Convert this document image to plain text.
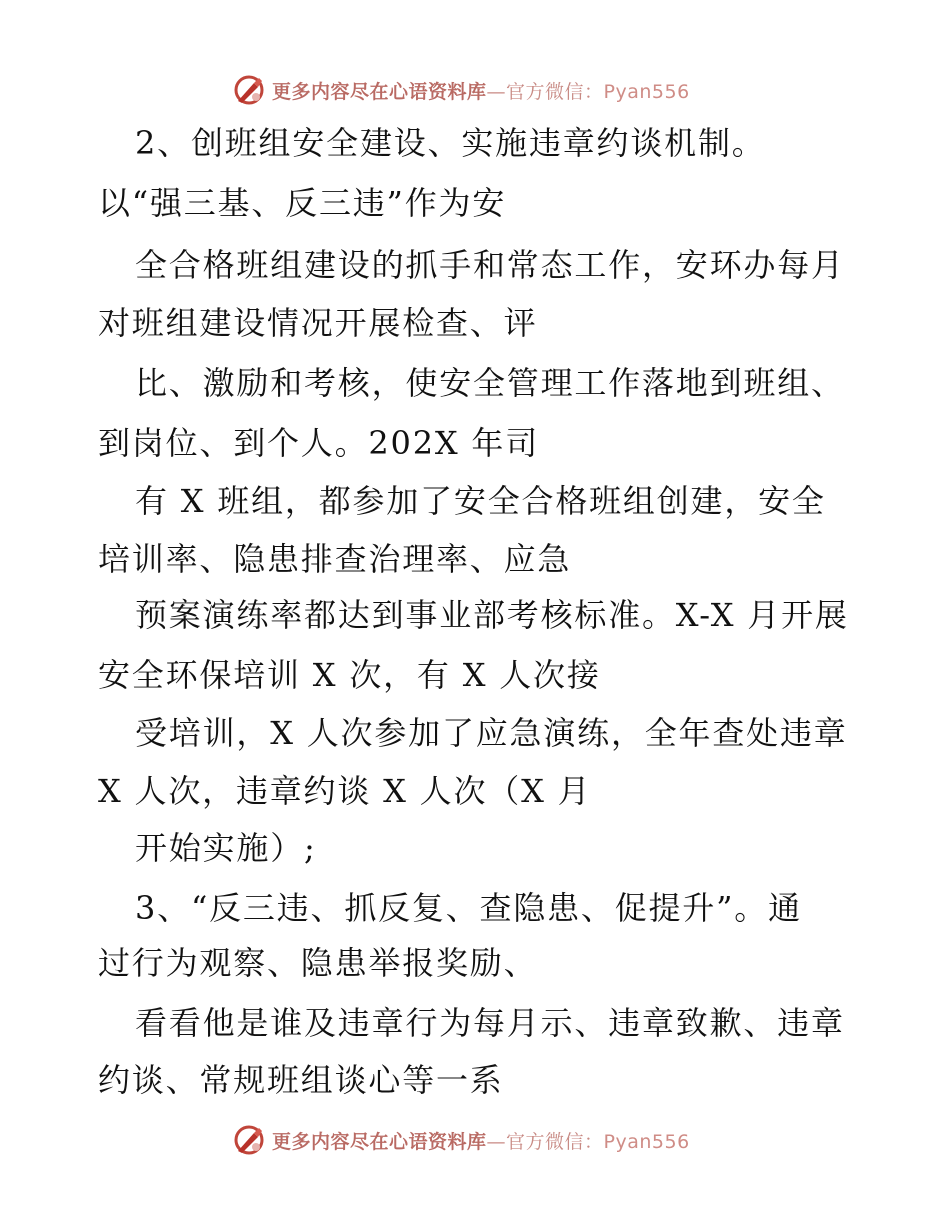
更多内容尽在心语资料库—官方微信：Pyan556
2、创班组安全建设、实施违章约谈机制。
以“强三基、反三违”作为安
全合格班组建设的抓手和常态工作，安环办每月
对班组建设情况开展检查、评
比、激励和考核，使安全管理工作落地到班组、
到岗位、到个人。202X 年司
有 X 班组，都参加了安全合格班组创建，安全
培训率、隐患排查治理率、应急
预案演练率都达到事业部考核标准。X-X 月开展
安全环保培训 X 次，有 X 人次接
受培训，X 人次参加了应急演练，全年查处违章
X 人次，违章约谈 X 人次（X 月
开始实施）;
3、“反三违、抓反复、查隐患、促提升”。通
过行为观察、隐患举报奖励、
看看他是谁及违章行为每月示、违章致歉、违章
约谈、常规班组谈心等一系
更多内容尽在心语资料库—官方微信：Pyan556
